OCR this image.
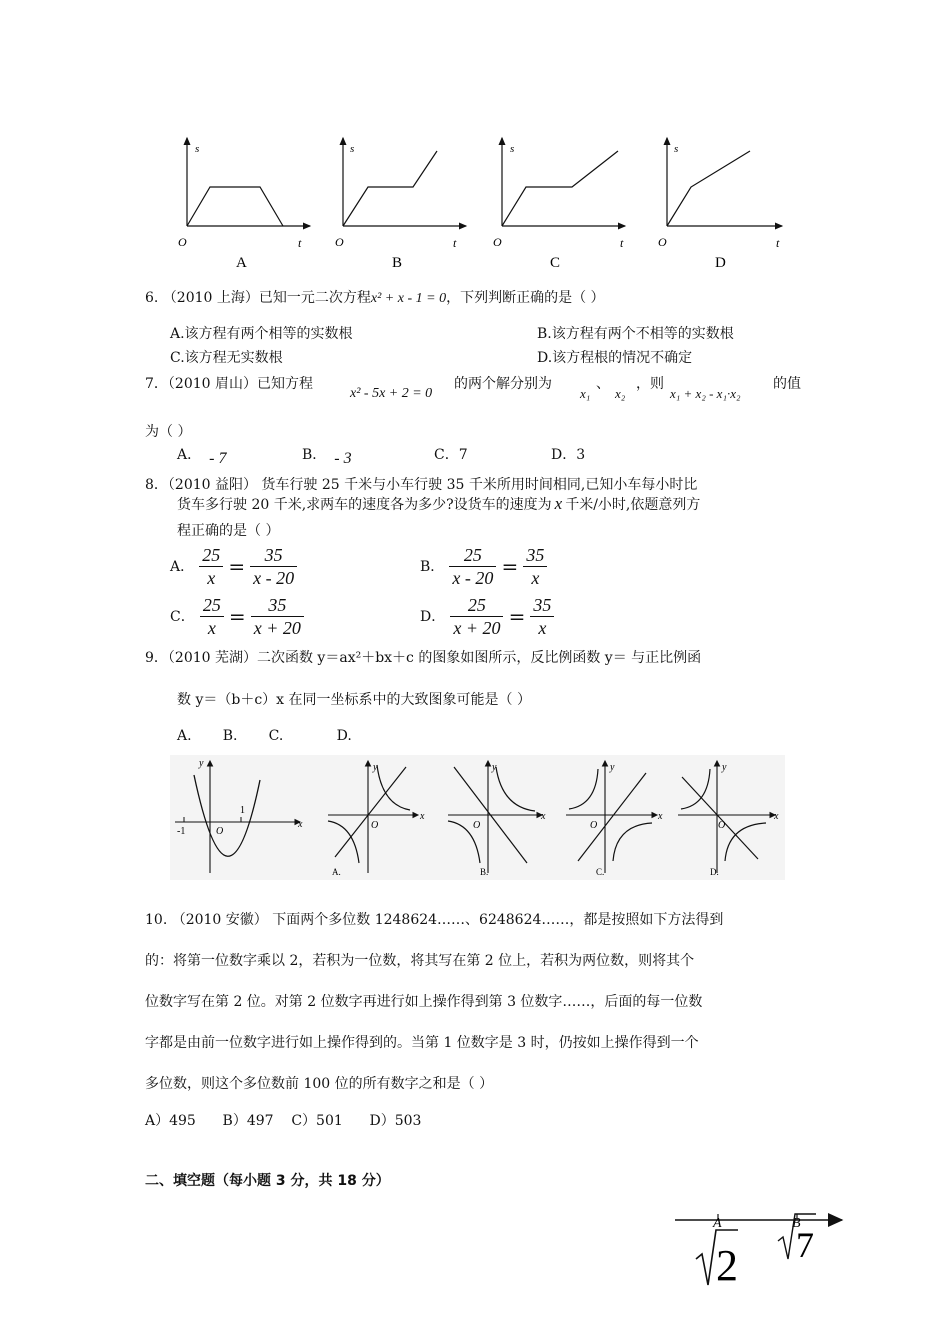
s
O	t
A
s
O	t
B
s
O	t
C
s
O	t
D
6. （2010 上海）已知一元二次方程x² + x - 1 = 0，下列判断正确的是（ ）
A.该方程有两个相等的实数根	B.该方程有两个不相等的实数根
C.该方程无实数根	D.该方程根的情况不确定
7．（2010 眉山）已知方程
x² - 5x + 2 = 0
的两个解分别为
x₁
、
x₂
，则
x₁ + x₂ - x₁·x₂
的值
为（ ）
A． - 7	B． - 3	C．7	D．3
8．（2010 益阳） 货车行驶 25 千米与小车行驶 35 千米所用时间相同,已知小车每小时比
货车多行驶 20 千米,求两车的速度各为多少?设货车的速度为 x 千米/小时,依题意列方
程正确的是（ ）
A． $\frac{25}{x} = \frac{35}{x - 20}$	B． $\frac{25}{x - 20} = \frac{35}{x}$
C． $\frac{25}{x} = \frac{35}{x + 20}$	D． $\frac{25}{x + 20} = \frac{35}{x}$
9．（2010 芜湖）二次函数 y＝ax²＋bx＋c 的图象如图所示，反比例函数 y＝ 与正比例函
数 y＝（b＋c）x 在同一坐标系中的大致图象可能是（ ）
A.       B.       C.            D.
y
x
-1	O
1
y
x
O
A.
y
x
O
B.
y
x
O
C.
y
x
O
D.
10. （2010 安徽） 下面两个多位数 1248624……、6248624……，都是按照如下方法得到
的：将第一位数字乘以 2，若积为一位数，将其写在第 2 位上，若积为两位数，则将其个
位数字写在第 2 位。对第 2 位数字再进行如上操作得到第 3 位数字……，后面的每一位数
字都是由前一位数字进行如上操作得到的。当第 1 位数字是 3 时，仍按如上操作得到一个
多位数，则这个多位数前 100 位的所有数字之和是（ ）
A）495      B）497    C）501      D）503
二、填空题（每小题 3 分，共 18 分）
A	B
2 7
